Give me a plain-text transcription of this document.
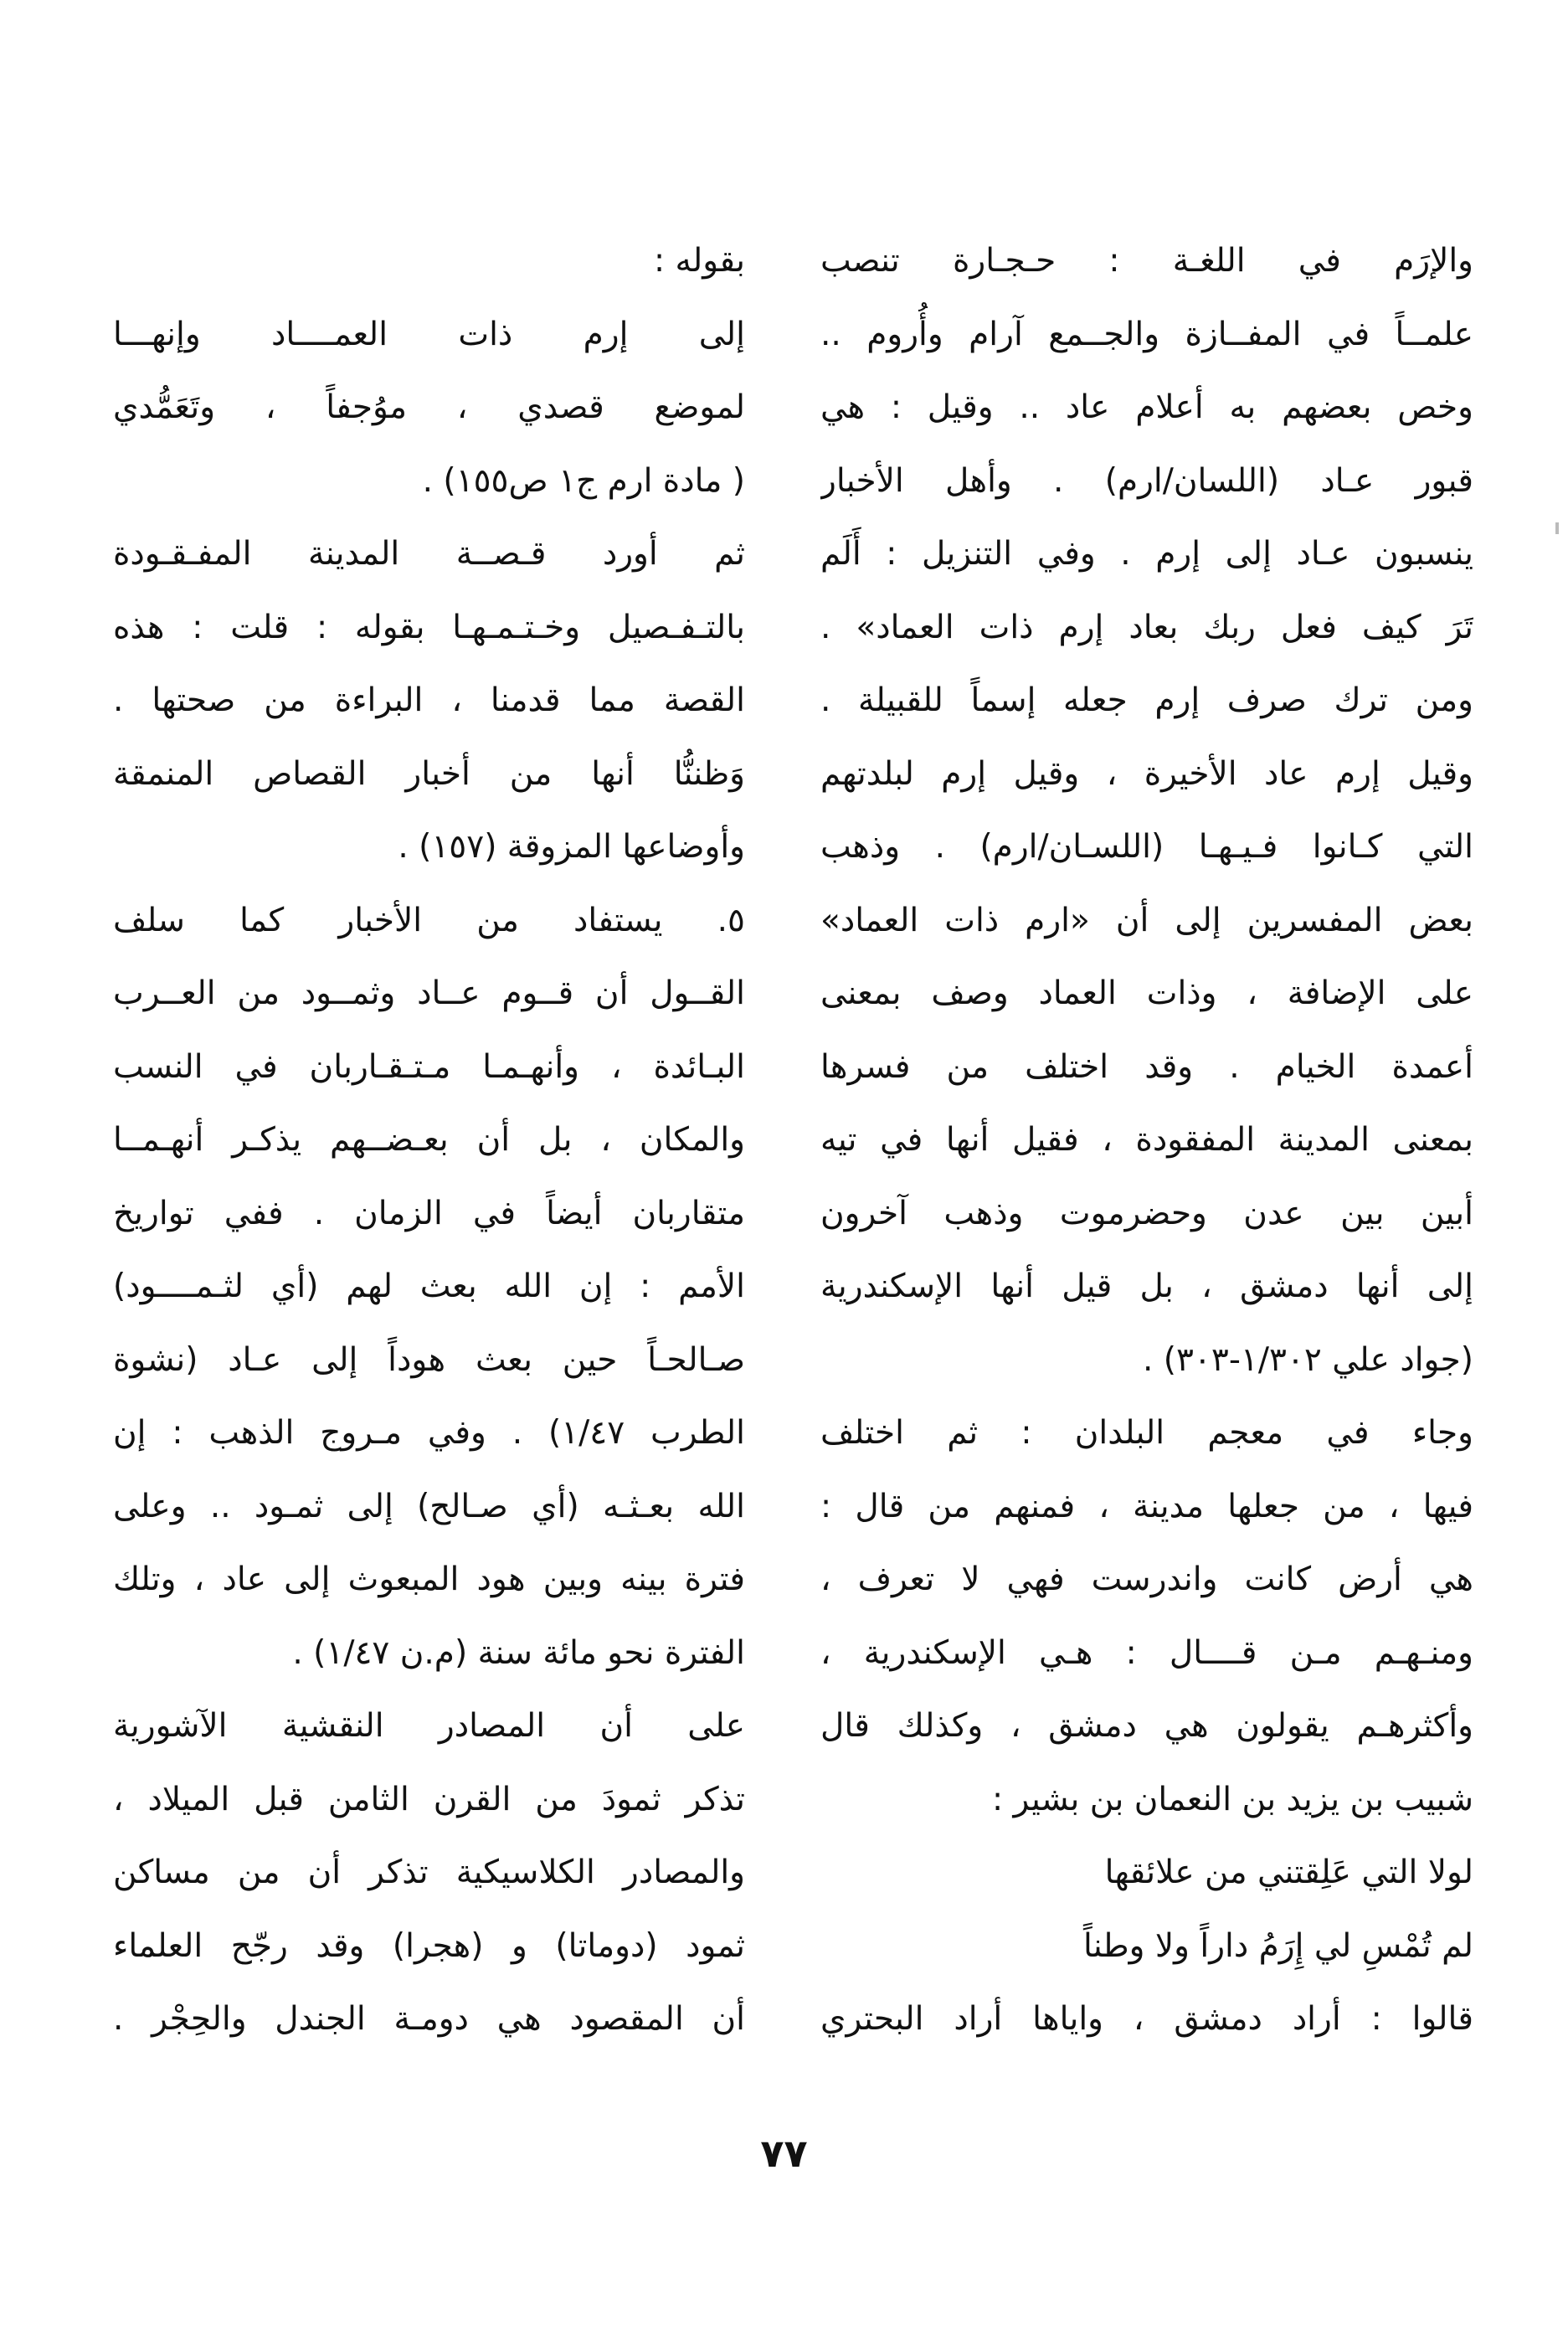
والإرَم في اللغـة : حـجـارة تنصب
علمــاً في المفــازة والجــمع آرام وأُروم ..
وخص بعضهم به أعلام عاد .. وقيل : هي
قبور عـاد (اللسان/ارم) . وأهل الأخبار
ينسبون عـاد إلى إرم . وفي التنزيل : أَلَم
تَرَ كيف فعل ربك بعاد إرم ذات العماد» .
ومن ترك صرف إرم جعله إسماً للقبيلة .
وقيل إرم عاد الأخيرة ، وقيل إرم لبلدتهم
التي كـانوا فـيـهـا (اللسـان/ارم) . وذهب
بعض المفسرين إلى أن «ارم ذات العماد»
على الإضافة ، وذات العماد وصف بمعنى
أعمدة الخيام . وقد اختلف من فسرها
بمعنى المدينة المفقودة ، فقيل أنها في تيه
أبين بين عدن وحضرموت وذهب آخرون
إلى أنها دمشق ، بل قيل أنها الإسكندرية
(جواد علي ١/٣٠٢-٣٠٣) .
وجاء في معجم البلدان : ثم اختلف
فيها ، من جعلها مدينة ، فمنهم من قال :
هي أرض كانت واندرست فهي لا تعرف ،
ومنـهـم مـن قــــال : هـي الإسكندرية ،
وأكثرهـم يقولون هي دمشق ، وكذلك قال
شبيب بن يزيد بن النعمان بن بشير :
لولا التي عَلِقتني من علائقها
لم تُمْسِ لي إِرَمُ داراً ولا وطناً
قالوا : أراد دمشق ، واياها أراد البحتري
بقوله :
إلى إرم ذات العمــــاد وإنهـــا
لموضع قصدي ، موُجفاً ، وتَعَمُّدي
( مادة ارم ج١ ص١٥٥) .
ثم أورد قـصــة المدينة المفـقـودة
بالتـفـصيل وخـتـمـهـا بقوله : قلت : هذه
القصة مما قدمنا ، البراءة من صحتها .
وَظننُّا أنها من أخبار القصاص المنمقة
وأوضاعها المزوقة (١٥٧) .
٥. يستفاد من الأخبار كما سلف
القــول أن قــوم عــاد وثمــود من العــرب
البـائدة ، وأنهـمـا مـتـقـاربان في النسب
والمكان ، بل أن بعـضــهم يذكـر أنهـمــا
متقاربان أيضاً في الزمان . ففي تواريخ
الأمم : إن الله بعث لهم (أي لثـمــــود)
صـالحـاً حين بعث هوداً إلى عـاد (نشوة
الطرب ١/٤٧) . وفي مـروج الذهب : إن
الله بعـثـه (أي صـالح) إلى ثمـود .. وعلى
فترة بينه وبين هود المبعوث إلى عاد ، وتلك
الفترة نحو مائة سنة (م.ن ١/٤٧) .
على أن المصادر النقشية الآشورية
تذكر ثمودَ من القرن الثامن قبل الميلاد ،
والمصادر الكلاسيكية تذكر أن من مساكن
ثمود (دوماتا) و (هجرا) وقد رجّح العلماء
أن المقصود هي دومـة الجندل والحِجْر .
٧٧
